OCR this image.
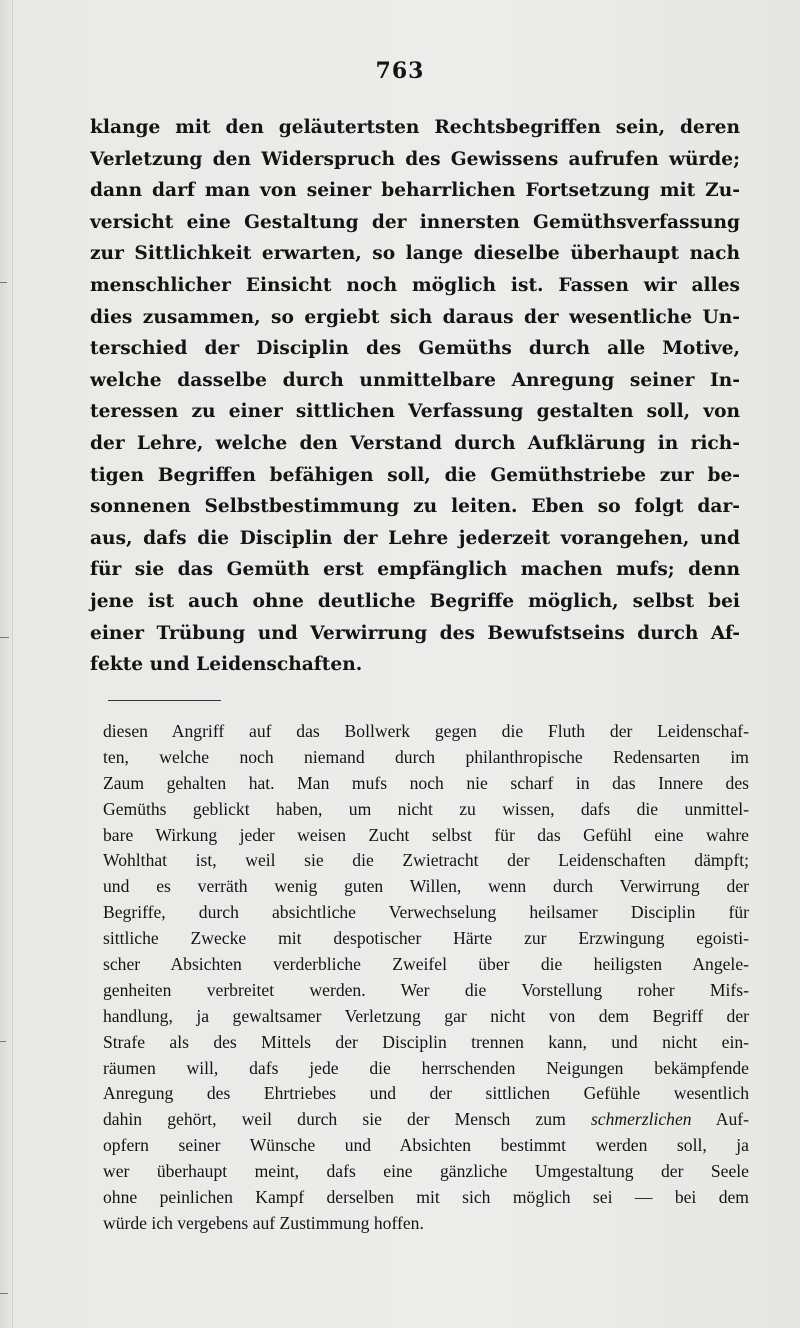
763
klange mit den geläutertsten Rechtsbegriffen sein, deren
Verletzung den Widerspruch des Gewissens aufrufen würde;
dann darf man von seiner beharrlichen Fortsetzung mit Zu-
versicht eine Gestaltung der innersten Gemüthsverfassung
zur Sittlichkeit erwarten, so lange dieselbe überhaupt nach
menschlicher Einsicht noch möglich ist. Fassen wir alles
dies zusammen, so ergiebt sich daraus der wesentliche Un-
terschied der Disciplin des Gemüths durch alle Motive,
welche dasselbe durch unmittelbare Anregung seiner In-
teressen zu einer sittlichen Verfassung gestalten soll, von
der Lehre, welche den Verstand durch Aufklärung in rich-
tigen Begriffen befähigen soll, die Gemüthstriebe zur be-
sonnenen Selbstbestimmung zu leiten. Eben so folgt dar-
aus, dafs die Disciplin der Lehre jederzeit vorangehen, und
für sie das Gemüth erst empfänglich machen mufs; denn
jene ist auch ohne deutliche Begriffe möglich, selbst bei
einer Trübung und Verwirrung des Bewufstseins durch Af-
fekte und Leidenschaften.
diesen Angriff auf das Bollwerk gegen die Fluth der Leidenschaf-
ten, welche noch niemand durch philanthropische Redensarten im
Zaum gehalten hat. Man mufs noch nie scharf in das Innere des
Gemüths geblickt haben, um nicht zu wissen, dafs die unmittel-
bare Wirkung jeder weisen Zucht selbst für das Gefühl eine wahre
Wohlthat ist, weil sie die Zwietracht der Leidenschaften dämpft;
und es verräth wenig guten Willen, wenn durch Verwirrung der
Begriffe, durch absichtliche Verwechselung heilsamer Disciplin für
sittliche Zwecke mit despotischer Härte zur Erzwingung egoisti-
scher Absichten verderbliche Zweifel über die heiligsten Angele-
genheiten verbreitet werden. Wer die Vorstellung roher Mifs-
handlung, ja gewaltsamer Verletzung gar nicht von dem Begriff der
Strafe als des Mittels der Disciplin trennen kann, und nicht ein-
räumen will, dafs jede die herrschenden Neigungen bekämpfende
Anregung des Ehrtriebes und der sittlichen Gefühle wesentlich
dahin gehört, weil durch sie der Mensch zum schmerzlichen Auf-
opfern seiner Wünsche und Absichten bestimmt werden soll, ja
wer überhaupt meint, dafs eine gänzliche Umgestaltung der Seele
ohne peinlichen Kampf derselben mit sich möglich sei — bei dem
würde ich vergebens auf Zustimmung hoffen.
